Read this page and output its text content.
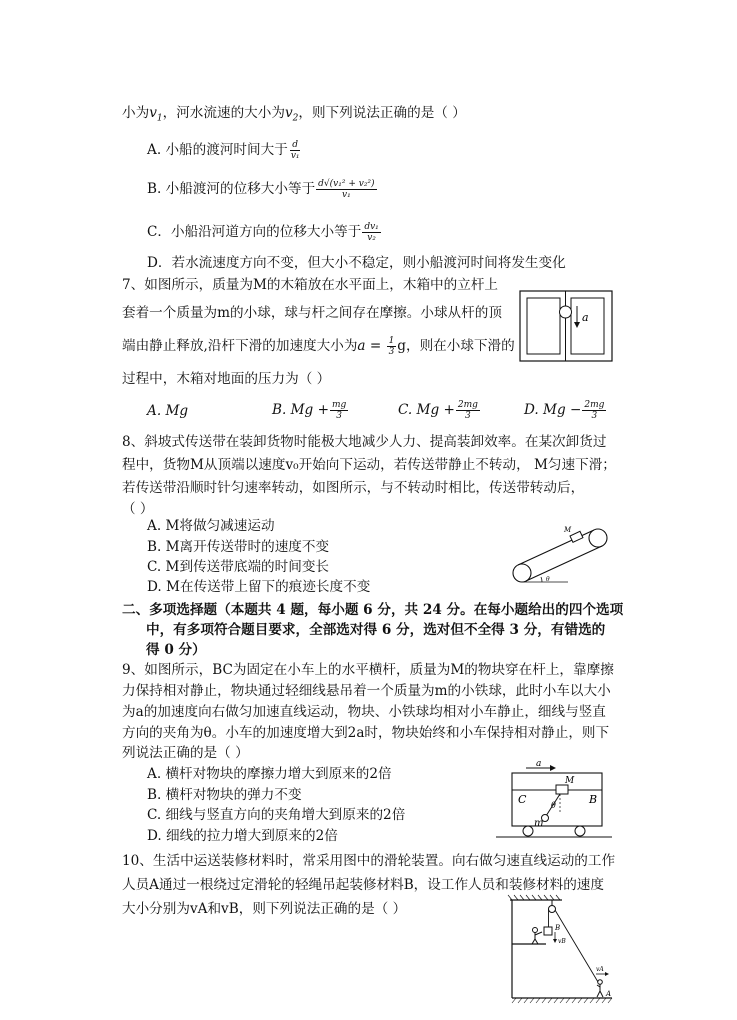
小为$v_1$，河水流速的大小为$v_2$，则下列说法正确的是（ ）
A. 小船的渡河时间大于 $\frac{d}{\text{v₁}}$
B. 小船渡河的位移大小等于 $\frac{\text{d√(v₁² + v₂²)}}{\text{v₁}}$
C．小船沿河道方向的位移大小等于 $\frac{\text{dv₁}}{\text{v₂}}$
D．若水流速度方向不变，但大小不稳定，则小船渡河时间将发生变化
7、如图所示，质量为M的木箱放在水平面上，木箱中的立杆上
套着一个质量为m的小球，球与杆之间存在摩擦。小球从杆的顶
端由静止释放,沿杆下滑的加速度大小为$a = \frac{1}{3}$ g，则在小球下滑的
过程中，木箱对地面的压力为（ ）
a
A. Mg	B. $Mg + \frac{mg}{3}$	C. $Mg + \frac{2mg}{3}$	D. $Mg - \frac{2mg}{3}$
8、斜坡式传送带在装卸货物时能极大地减少人力、提高装卸效率。在某次卸货过
程中，货物M从顶端以速度v₀开始向下运动，若传送带静止不转动， M匀速下滑；
若传送带沿顺时针匀速率转动，如图所示，与不转动时相比，传送带转动后，
（ ）
A. M将做匀减速运动
B. M离开传送带时的速度不变
C. M到传送带底端的时间变长
D. M在传送带上留下的痕迹长度不变
M
θ
二、多项选择题（本题共 4 题，每小题 6 分，共 24 分。在每小题给出的四个选项
中，有多项符合题目要求，全部选对得 6 分，选对但不全得 3 分，有错选的
得 0 分）
9、如图所示，BC为固定在小车上的水平横杆，质量为M的物块穿在杆上，靠摩擦
力保持相对静止，物块通过轻细线悬吊着一个质量为m的小铁球，此时小车以大小
为a的加速度向右做匀加速直线运动，物块、小铁球均相对小车静止，细线与竖直
方向的夹角为θ。小车的加速度增大到2a时，物块始终和小车保持相对静止，则下
列说法正确的是（ ）
A. 横杆对物块的摩擦力增大到原来的2倍
B. 横杆对物块的弹力不变
C. 细线与竖直方向的夹角增大到原来的2倍
D. 细线的拉力增大到原来的2倍
a
M
C	B
θ
m
10、生活中运送装修材料时，常采用图中的滑轮装置。向右做匀速直线运动的工作
人员A通过一根绕过定滑轮的轻绳吊起装修材料B，设工作人员和装修材料的速度
大小分别为vA和vB，则下列说法正确的是（ ）
B
vB
vA
A
